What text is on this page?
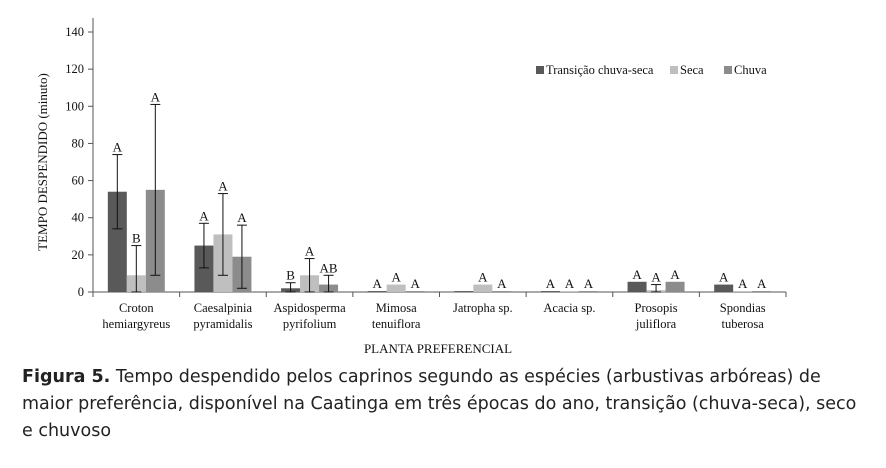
0
20
40
60
80
100
120
140
Croton
hemiargyreus
Caesalpinia
pyramidalis
Aspidosperma
pyrifolium
Mimosa
tenuiflora
Jatropha sp. Acacia sp.	Prosopis
juliflora
Spondias
tuberosa
A
A
B
A	A
A	A
B
A
A
A	A	A	A	A
A
A
AB
A	A	A
A
A
Transição chuva-seca Seca Chuva
TEMPO DESPENDIDO (minuto)
PLANTA PREFERENCIAL
Figura 5. Tempo despendido pelos caprinos segundo as espécies (arbustivas arbóreas) de maior preferência, disponível na Caatinga em três épocas do ano, transição (chuva-seca), seco e chuvoso
